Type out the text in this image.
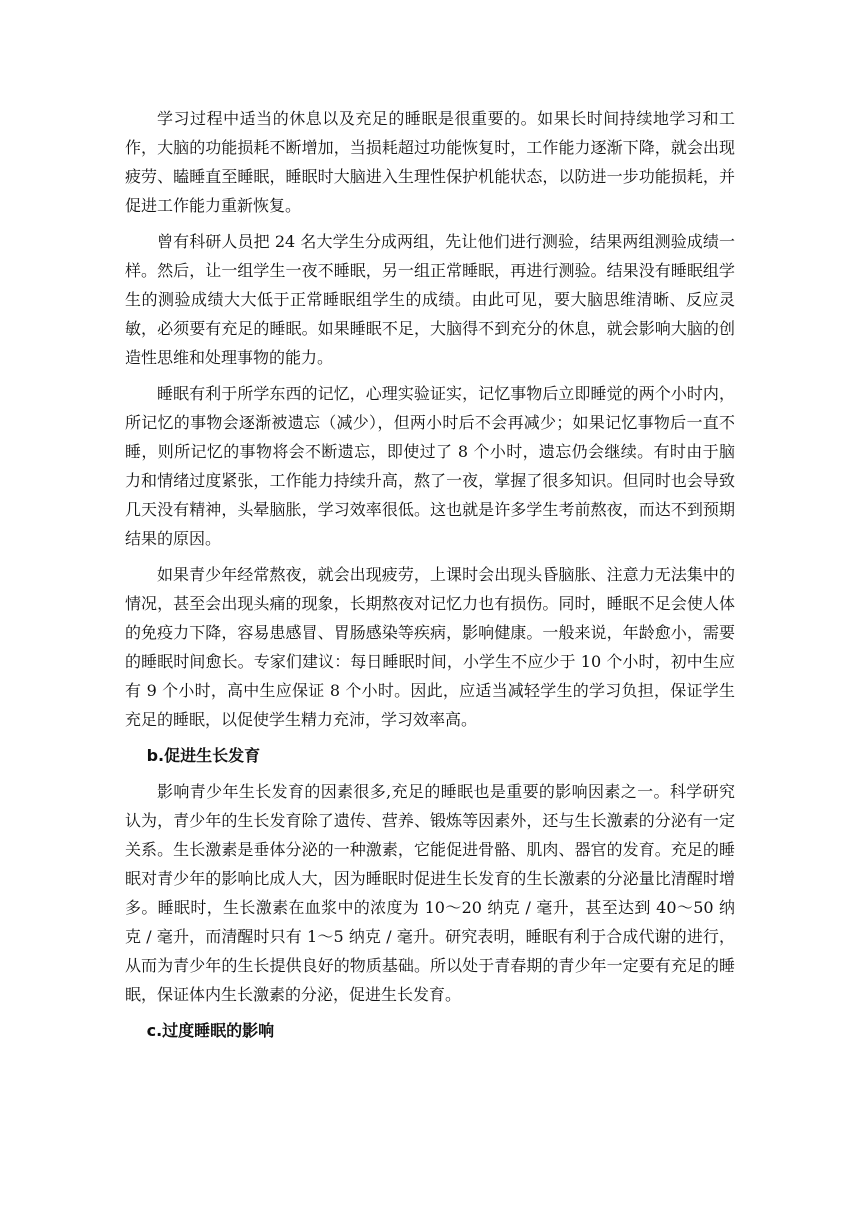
学习过程中适当的休息以及充足的睡眠是很重要的。如果长时间持续地学习和工作，大脑的功能损耗不断增加，当损耗超过功能恢复时，工作能力逐渐下降，就会出现疲劳、瞌睡直至睡眠，睡眠时大脑进入生理性保护机能状态，以防进一步功能损耗，并促进工作能力重新恢复。

曾有科研人员把 24 名大学生分成两组，先让他们进行测验，结果两组测验成绩一样。然后，让一组学生一夜不睡眠，另一组正常睡眠，再进行测验。结果没有睡眠组学生的测验成绩大大低于正常睡眠组学生的成绩。由此可见，要大脑思维清晰、反应灵敏，必须要有充足的睡眠。如果睡眠不足，大脑得不到充分的休息，就会影响大脑的创造性思维和处理事物的能力。

睡眠有利于所学东西的记忆，心理实验证实，记忆事物后立即睡觉的两个小时内，所记忆的事物会逐渐被遗忘（减少），但两小时后不会再减少；如果记忆事物后一直不睡，则所记忆的事物将会不断遗忘，即使过了 8 个小时，遗忘仍会继续。有时由于脑力和情绪过度紧张，工作能力持续升高，熬了一夜，掌握了很多知识。但同时也会导致几天没有精神，头晕脑胀，学习效率很低。这也就是许多学生考前熬夜，而达不到预期结果的原因。

如果青少年经常熬夜，就会出现疲劳，上课时会出现头昏脑胀、注意力无法集中的情况，甚至会出现头痛的现象，长期熬夜对记忆力也有损伤。同时，睡眠不足会使人体的免疫力下降，容易患感冒、胃肠感染等疾病，影响健康。一般来说，年龄愈小，需要的睡眠时间愈长。专家们建议：每日睡眠时间，小学生不应少于 10 个小时，初中生应有 9 个小时，高中生应保证 8 个小时。因此，应适当减轻学生的学习负担，保证学生充足的睡眠，以促使学生精力充沛，学习效率高。

b.促进生长发育

影响青少年生长发育的因素很多,充足的睡眠也是重要的影响因素之一。科学研究认为，青少年的生长发育除了遗传、营养、锻炼等因素外，还与生长激素的分泌有一定关系。生长激素是垂体分泌的一种激素，它能促进骨骼、肌肉、器官的发育。充足的睡眠对青少年的影响比成人大，因为睡眠时促进生长发育的生长激素的分泌量比清醒时增多。睡眠时，生长激素在血浆中的浓度为 10～20 纳克 / 毫升，甚至达到 40～50 纳克 / 毫升，而清醒时只有 1～5 纳克 / 毫升。研究表明，睡眠有利于合成代谢的进行，从而为青少年的生长提供良好的物质基础。所以处于青春期的青少年一定要有充足的睡眠，保证体内生长激素的分泌，促进生长发育。

c.过度睡眠的影响
